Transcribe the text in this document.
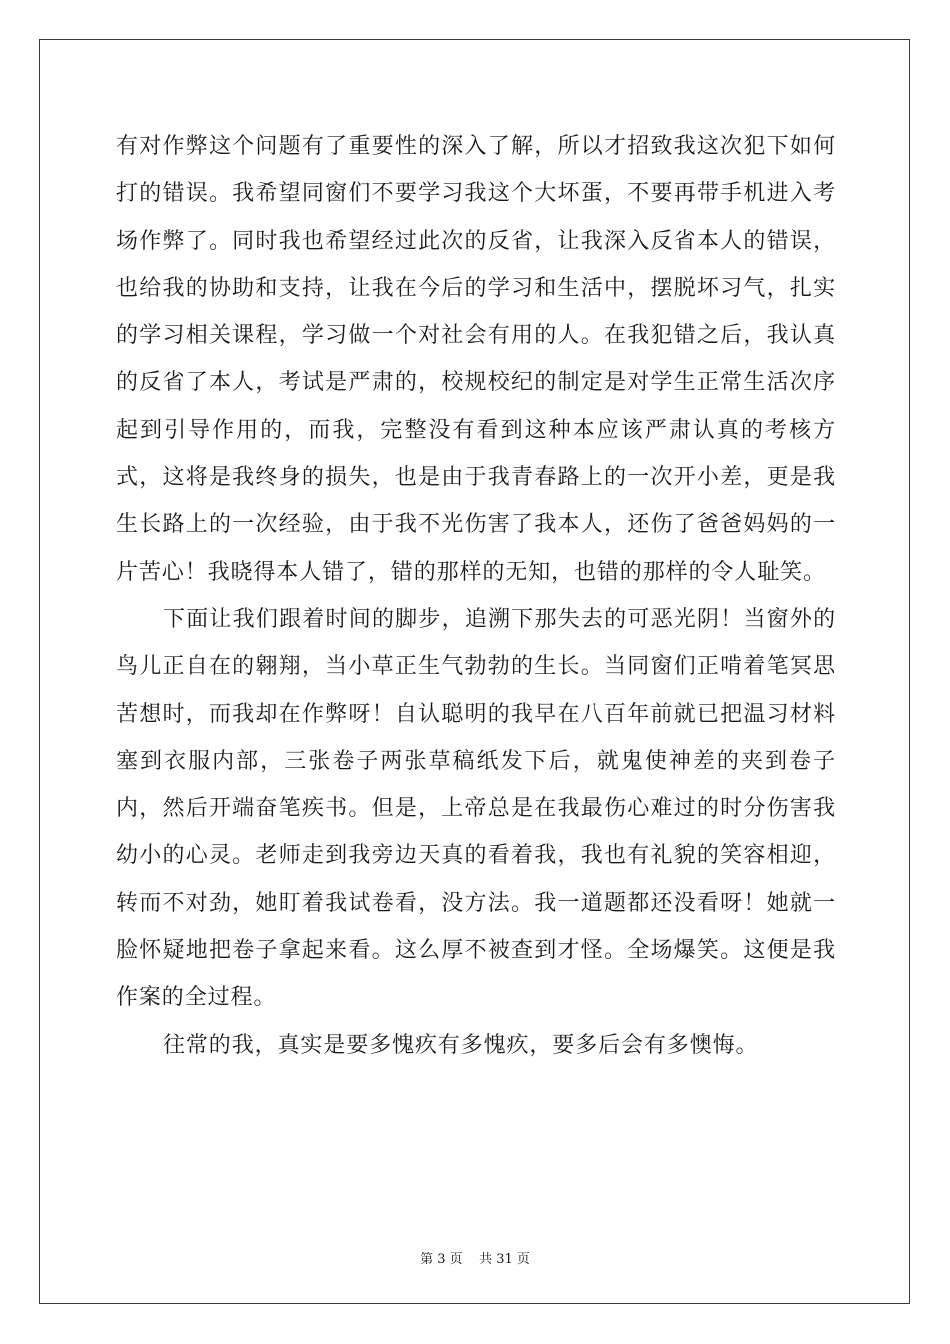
有对作弊这个问题有了重要性的深入了解，所以才招致我这次犯下如何打的错误。我希望同窗们不要学习我这个大坏蛋，不要再带手机进入考场作弊了。同时我也希望经过此次的反省，让我深入反省本人的错误，也给我的协助和支持，让我在今后的学习和生活中，摆脱坏习气，扎实的学习相关课程，学习做一个对社会有用的人。在我犯错之后，我认真的反省了本人，考试是严肃的，校规校纪的制定是对学生正常生活次序起到引导作用的，而我，完整没有看到这种本应该严肃认真的考核方式，这将是我终身的损失，也是由于我青春路上的一次开小差，更是我生长路上的一次经验，由于我不光伤害了我本人，还伤了爸爸妈妈的一片苦心！我晓得本人错了，错的那样的无知，也错的那样的令人耻笑。

下面让我们跟着时间的脚步，追溯下那失去的可恶光阴！当窗外的鸟儿正自在的翱翔，当小草正生气勃勃的生长。当同窗们正啃着笔冥思苦想时，而我却在作弊呀！自认聪明的我早在八百年前就已把温习材料塞到衣服内部，三张卷子两张草稿纸发下后，就鬼使神差的夹到卷子内，然后开端奋笔疾书。但是，上帝总是在我最伤心难过的时分伤害我幼小的心灵。老师走到我旁边天真的看着我，我也有礼貌的笑容相迎，转而不对劲，她盯着我试卷看，没方法。我一道题都还没看呀！她就一脸怀疑地把卷子拿起来看。这么厚不被查到才怪。全场爆笑。这便是我作案的全过程。

往常的我，真实是要多愧疚有多愧疚，要多后会有多懊悔。

第 3 页    共 31 页
